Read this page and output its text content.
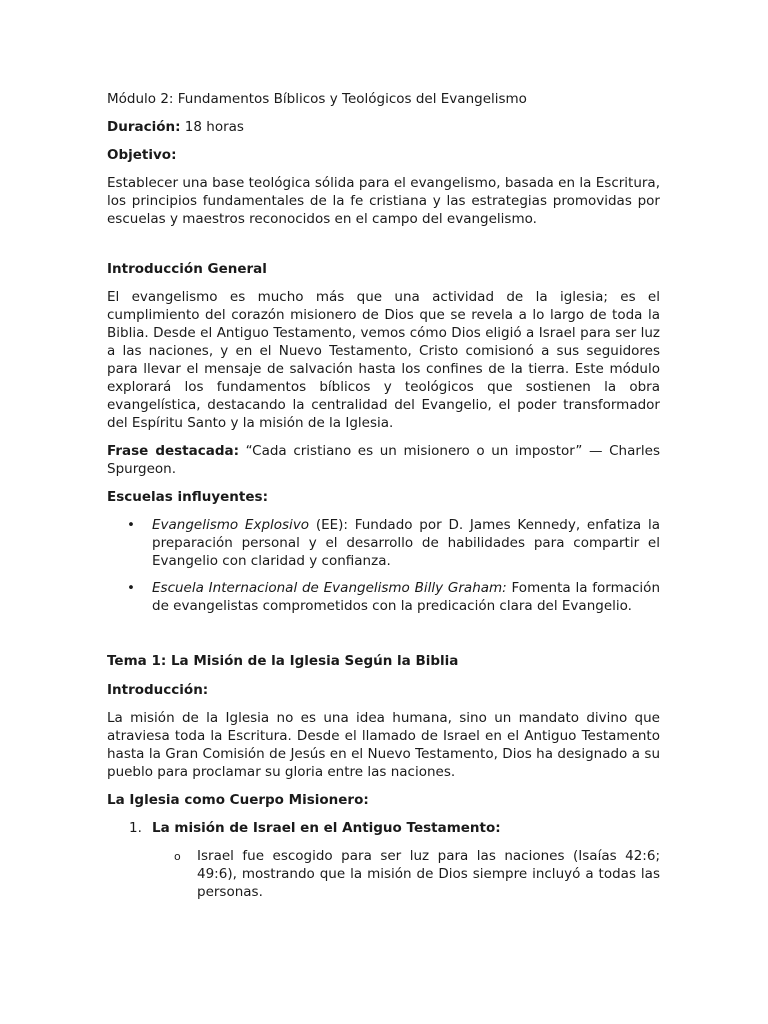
Módulo 2: Fundamentos Bíblicos y Teológicos del Evangelismo

Duración: 18 horas

Objetivo:

Establecer una base teológica sólida para el evangelismo, basada en la Escritura, los principios fundamentales de la fe cristiana y las estrategias promovidas por escuelas y maestros reconocidos en el campo del evangelismo.

Introducción General

El evangelismo es mucho más que una actividad de la iglesia; es el cumplimiento del corazón misionero de Dios que se revela a lo largo de toda la Biblia. Desde el Antiguo Testamento, vemos cómo Dios eligió a Israel para ser luz a las naciones, y en el Nuevo Testamento, Cristo comisionó a sus seguidores para llevar el mensaje de salvación hasta los confines de la tierra. Este módulo explorará los fundamentos bíblicos y teológicos que sostienen la obra evangelística, destacando la centralidad del Evangelio, el poder transformador del Espíritu Santo y la misión de la Iglesia.

Frase destacada: “Cada cristiano es un misionero o un impostor” — Charles Spurgeon.

Escuelas influyentes:

• Evangelismo Explosivo (EE): Fundado por D. James Kennedy, enfatiza la preparación personal y el desarrollo de habilidades para compartir el Evangelio con claridad y confianza.
• Escuela Internacional de Evangelismo Billy Graham: Fomenta la formación de evangelistas comprometidos con la predicación clara del Evangelio.

Tema 1: La Misión de la Iglesia Según la Biblia

Introducción:

La misión de la Iglesia no es una idea humana, sino un mandato divino que atraviesa toda la Escritura. Desde el llamado de Israel en el Antiguo Testamento hasta la Gran Comisión de Jesús en el Nuevo Testamento, Dios ha designado a su pueblo para proclamar su gloria entre las naciones.

La Iglesia como Cuerpo Misionero:

1. La misión de Israel en el Antiguo Testamento:
o Israel fue escogido para ser luz para las naciones (Isaías 42:6; 49:6), mostrando que la misión de Dios siempre incluyó a todas las personas.
